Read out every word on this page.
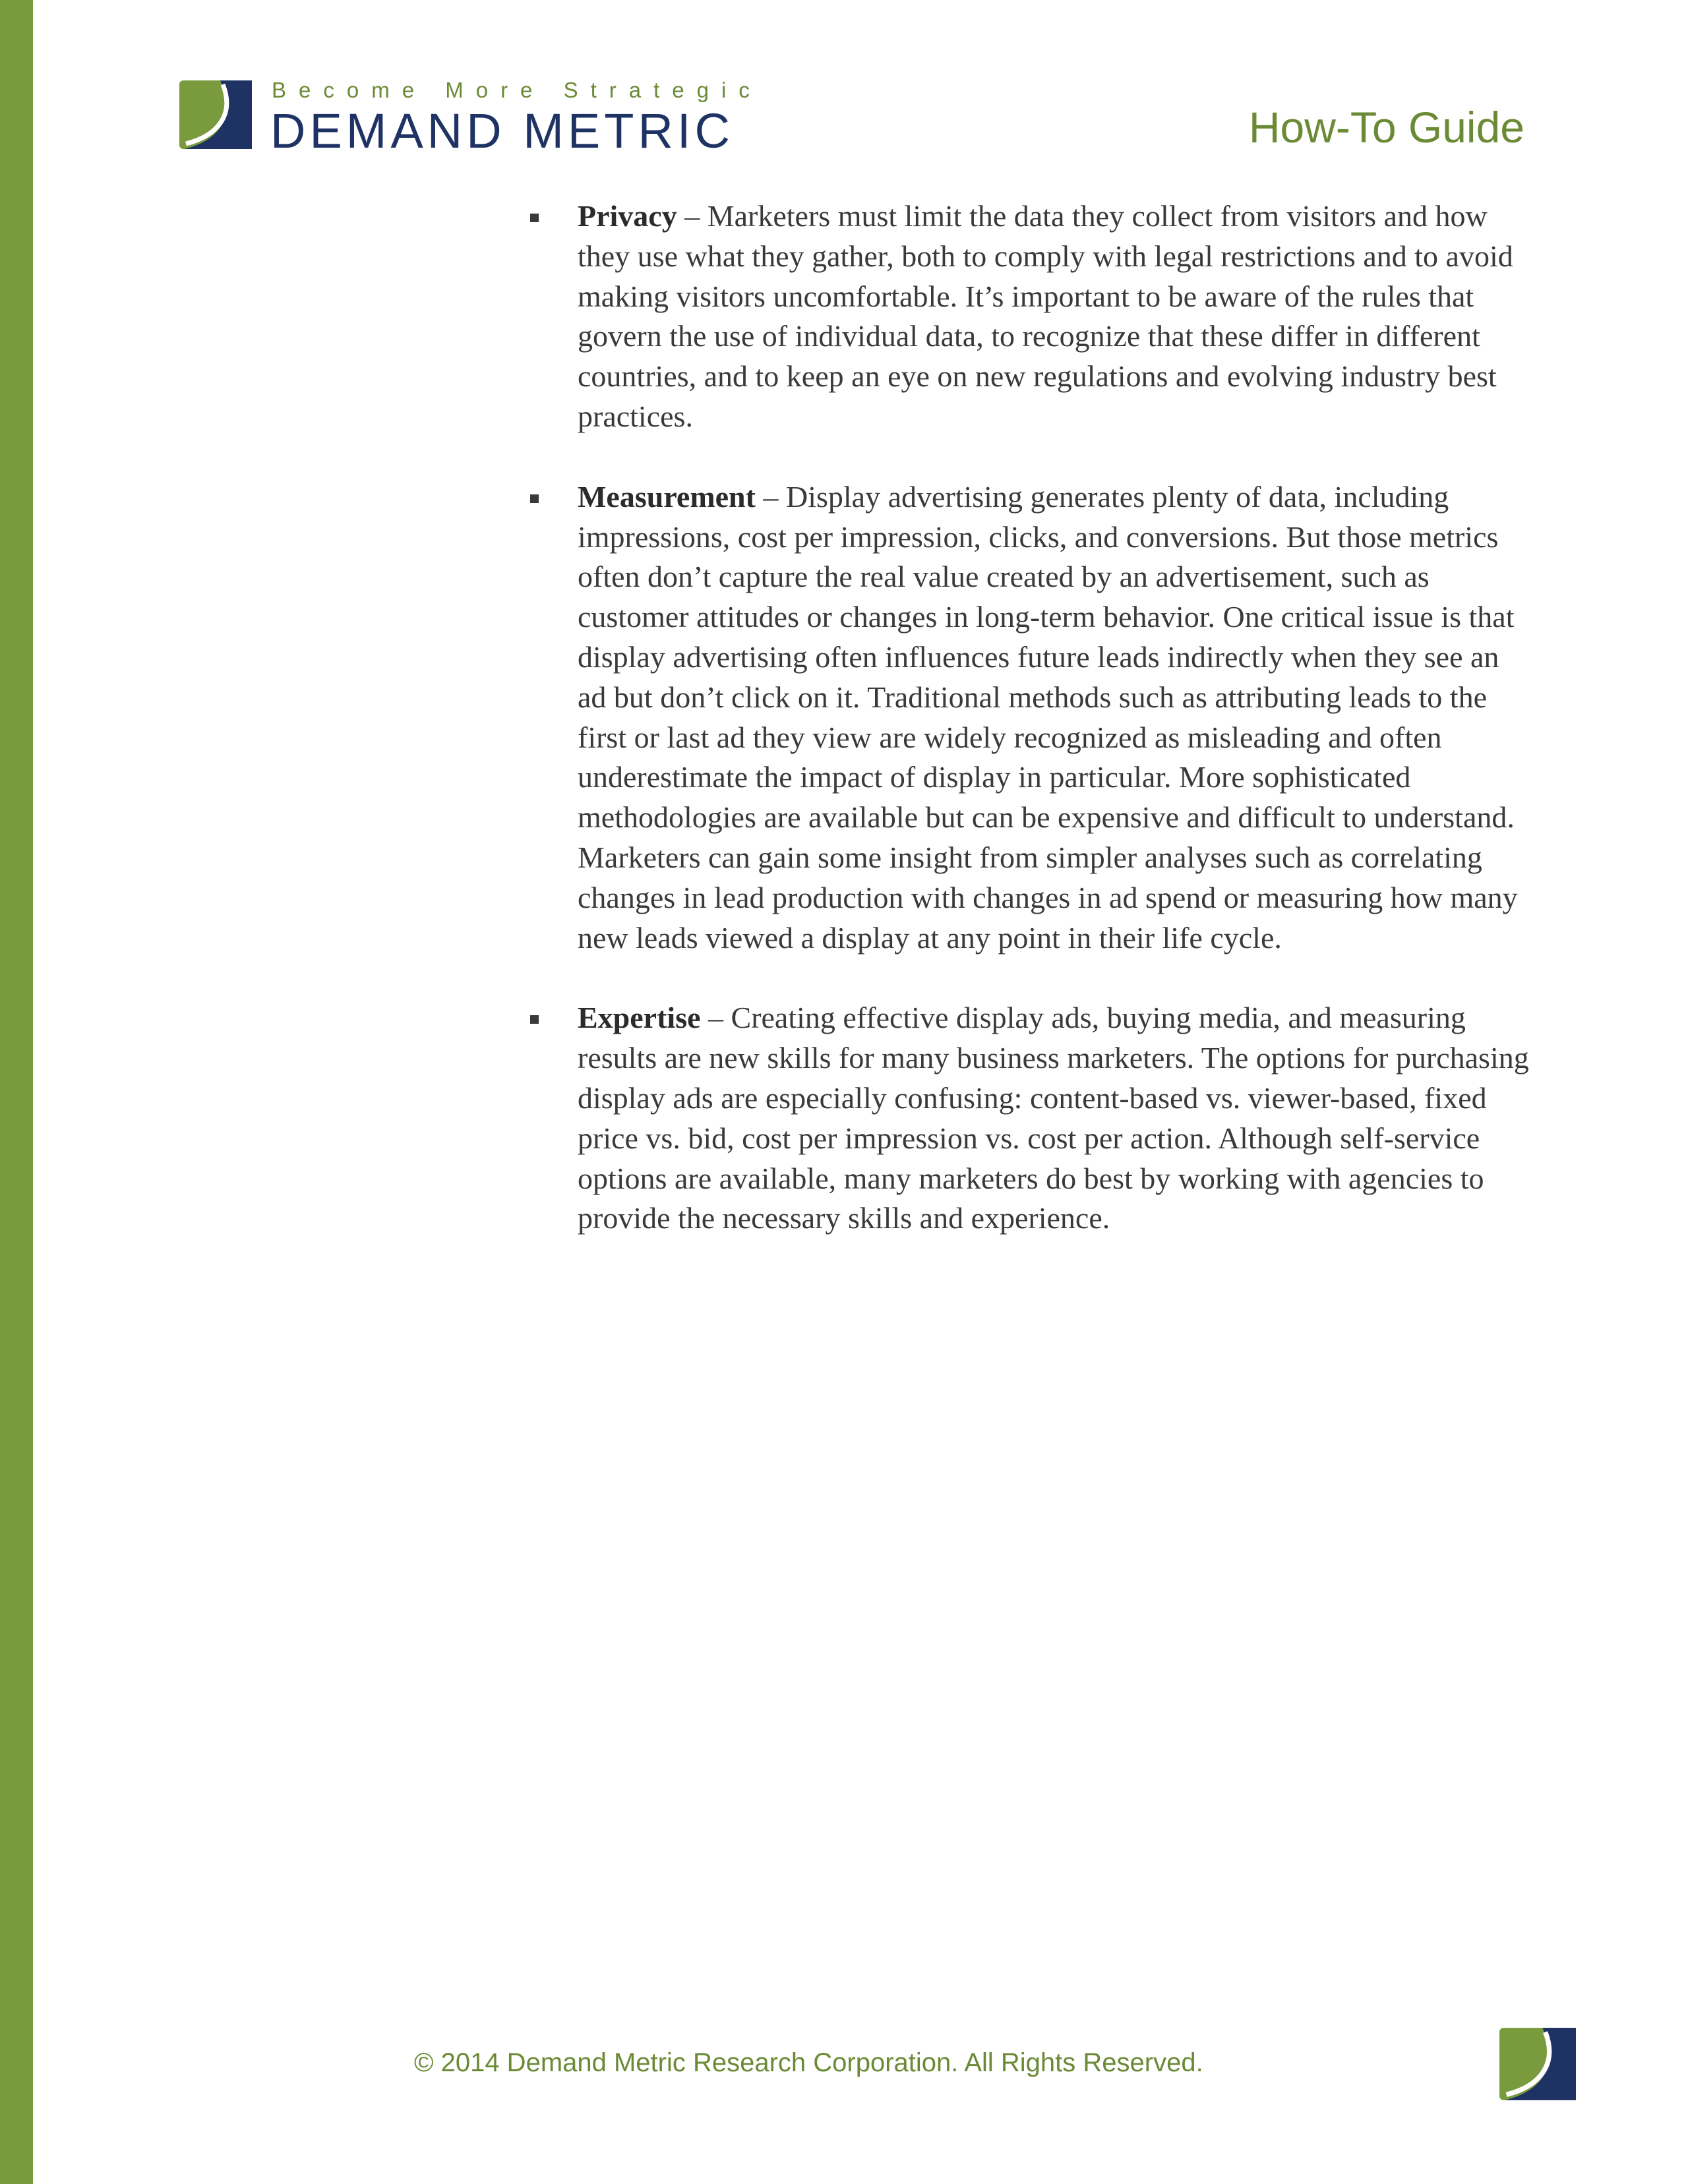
Become More Strategic
DEMAND METRIC	How-To Guide
Privacy – Marketers must limit the data they collect from visitors and how they use what they gather, both to comply with legal restrictions and to avoid making visitors uncomfortable. It’s important to be aware of the rules that govern the use of individual data, to recognize that these differ in different countries, and to keep an eye on new regulations and evolving industry best practices.
Measurement – Display advertising generates plenty of data, including impressions, cost per impression, clicks, and conversions. But those metrics often don’t capture the real value created by an advertisement, such as customer attitudes or changes in long-term behavior. One critical issue is that display advertising often influences future leads indirectly when they see an ad but don’t click on it. Traditional methods such as attributing leads to the first or last ad they view are widely recognized as misleading and often underestimate the impact of display in particular. More sophisticated methodologies are available but can be expensive and difficult to understand. Marketers can gain some insight from simpler analyses such as correlating changes in lead production with changes in ad spend or measuring how many new leads viewed a display at any point in their life cycle.
Expertise – Creating effective display ads, buying media, and measuring results are new skills for many business marketers. The options for purchasing display ads are especially confusing: content-based vs. viewer-based, fixed price vs. bid, cost per impression vs. cost per action. Although self-service options are available, many marketers do best by working with agencies to provide the necessary skills and experience.
© 2014 Demand Metric Research Corporation. All Rights Reserved.
